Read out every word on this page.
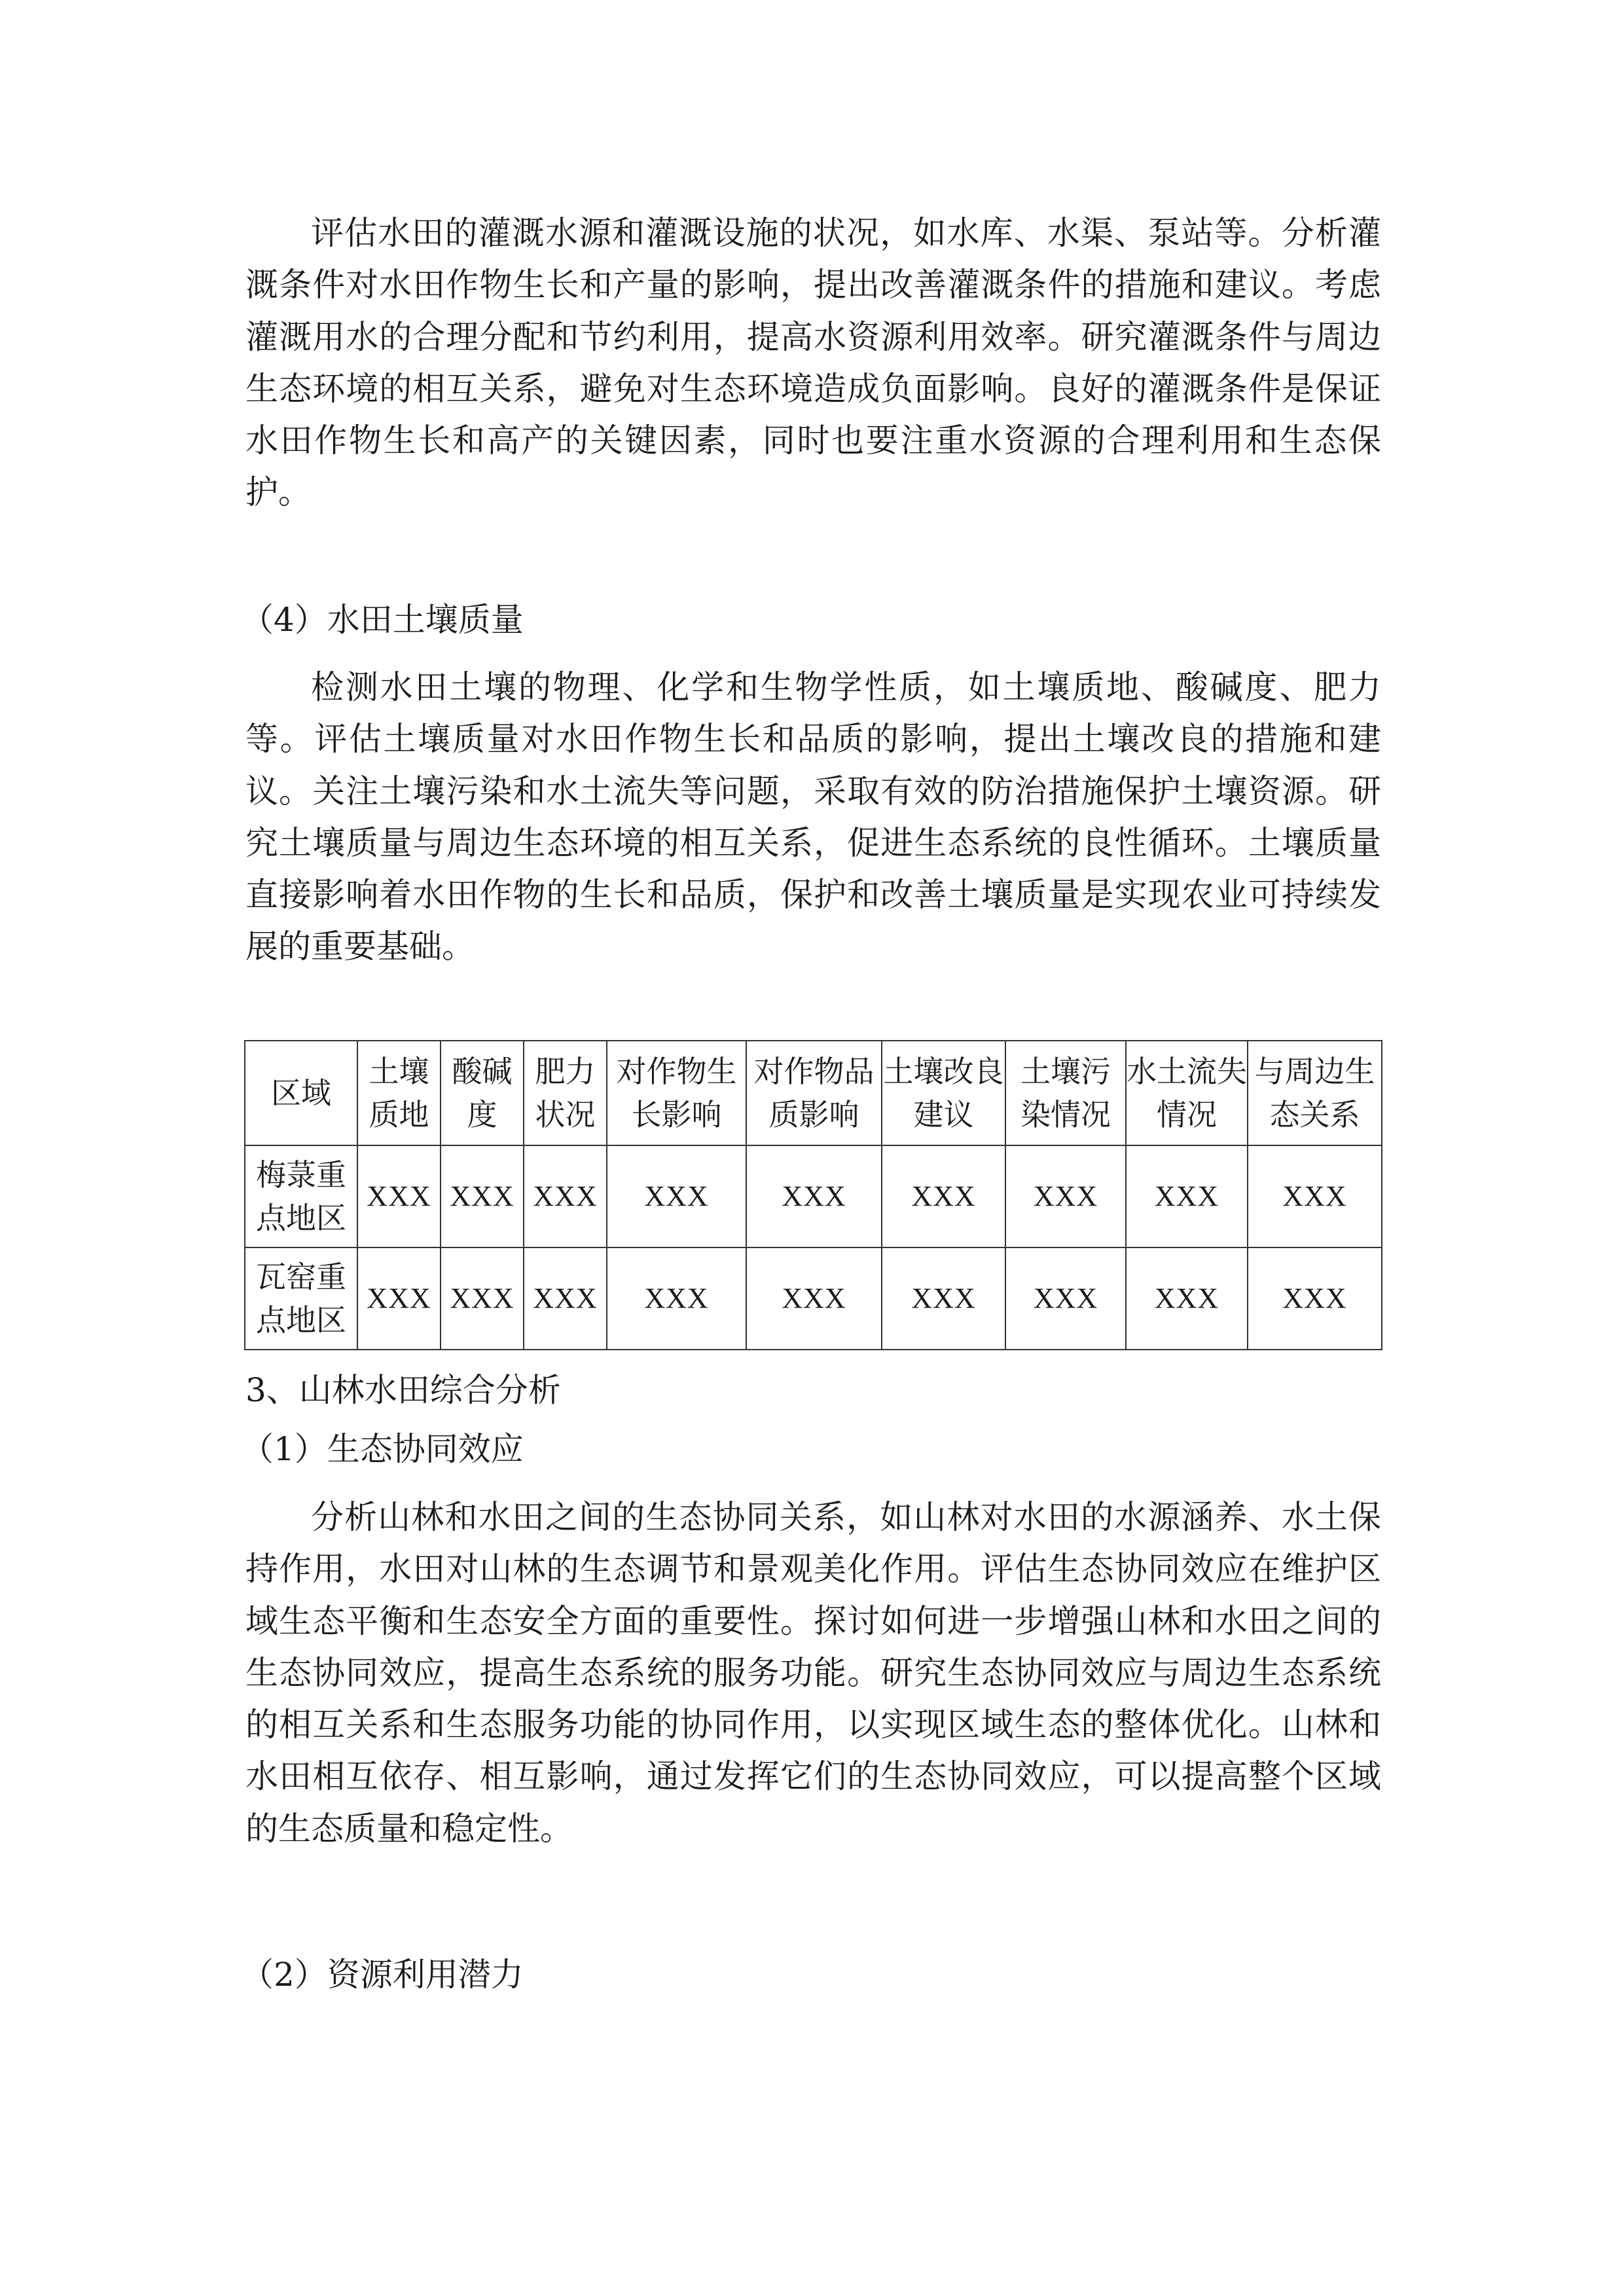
评估水田的灌溉水源和灌溉设施的状况，如水库、水渠、泵站等。分析灌溉条件对水田作物生长和产量的影响，提出改善灌溉条件的措施和建议。考虑灌溉用水的合理分配和节约利用，提高水资源利用效率。研究灌溉条件与周边生态环境的相互关系，避免对生态环境造成负面影响。良好的灌溉条件是保证水田作物生长和高产的关键因素，同时也要注重水资源的合理利用和生态保护。

（4）水田土壤质量

检测水田土壤的物理、化学和生物学性质，如土壤质地、酸碱度、肥力等。评估土壤质量对水田作物生长和品质的影响，提出土壤改良的措施和建议。关注土壤污染和水土流失等问题，采取有效的防治措施保护土壤资源。研究土壤质量与周边生态环境的相互关系，促进生态系统的良性循环。土壤质量直接影响着水田作物的生长和品质，保护和改善土壤质量是实现农业可持续发展的重要基础。

区域	土壤质地	酸碱度	肥力状况	对作物生长影响	对作物品质影响	土壤改良建议	土壤污染情况	水土流失情况	与周边生态关系
梅菉重点地区	XXX	XXX	XXX	XXX	XXX	XXX	XXX	XXX	XXX
瓦窑重点地区	XXX	XXX	XXX	XXX	XXX	XXX	XXX	XXX	XXX

3、山林水田综合分析

（1）生态协同效应

分析山林和水田之间的生态协同关系，如山林对水田的水源涵养、水土保持作用，水田对山林的生态调节和景观美化作用。评估生态协同效应在维护区域生态平衡和生态安全方面的重要性。探讨如何进一步增强山林和水田之间的生态协同效应，提高生态系统的服务功能。研究生态协同效应与周边生态系统的相互关系和生态服务功能的协同作用，以实现区域生态的整体优化。山林和水田相互依存、相互影响，通过发挥它们的生态协同效应，可以提高整个区域的生态质量和稳定性。

（2）资源利用潜力
